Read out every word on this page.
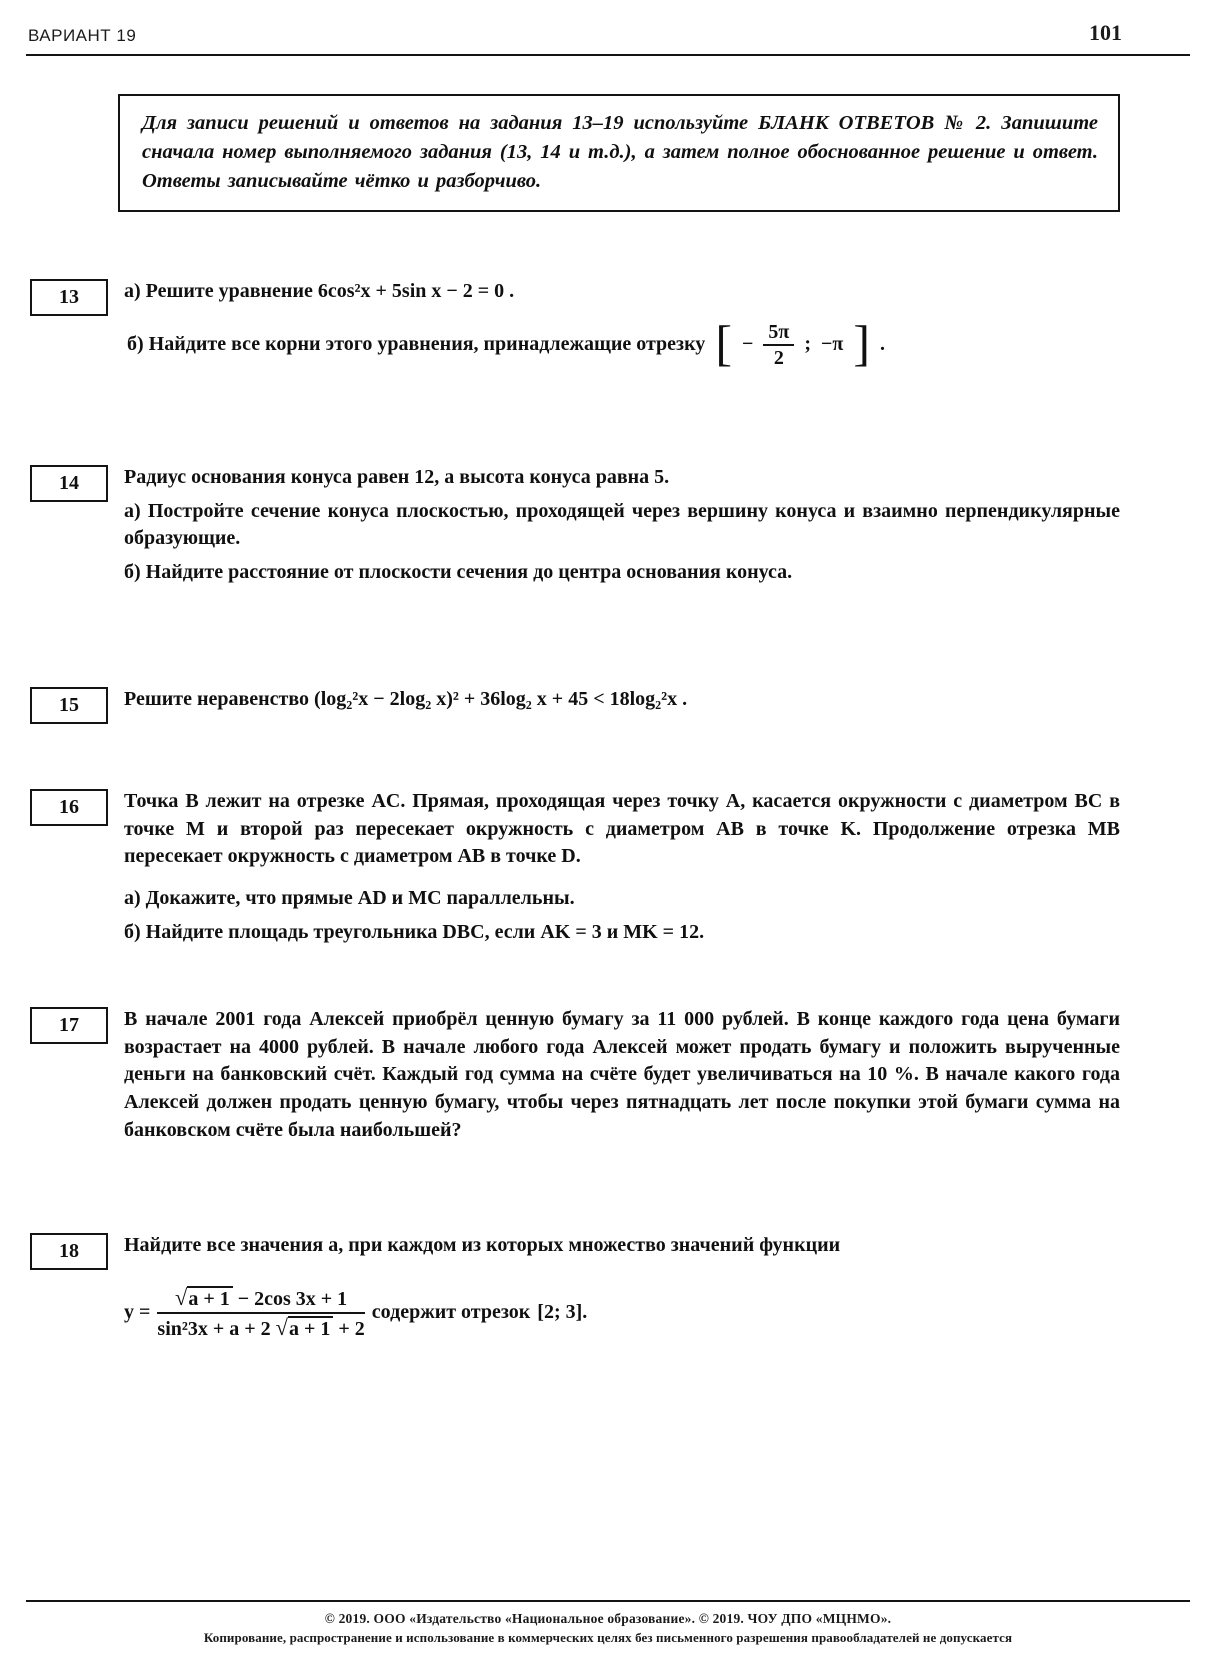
ВАРИАНТ 19	101

Для записи решений и ответов на задания 13–19 используйте БЛАНК ОТВЕТОВ № 2. Запишите сначала номер выполняемого задания (13, 14 и т.д.), а затем полное обоснованное решение и ответ. Ответы записывайте чётко и разборчиво.

13 а) Решите уравнение 6cos²x + 5sin x − 2 = 0 .

б) Найдите все корни этого уравнения, принадлежащие отрезку [ − $\frac{5\pi}{2}$ ; −π ] .

14 Радиус основания конуса равен 12, а высота конуса равна 5.

а) Постройте сечение конуса плоскостью, проходящей через вершину конуса и взаимно перпендикулярные образующие.

б) Найдите расстояние от плоскости сечения до центра основания конуса.

15 Решите неравенство (log₂²x − 2log₂ x)² + 36log₂ x + 45 < 18log₂²x .

16 Точка B лежит на отрезке AC. Прямая, проходящая через точку A, касается окружности с диаметром BC в точке M и второй раз пересекает окружность с диаметром AB в точке K. Продолжение отрезка MB пересекает окружность с диаметром AB в точке D.

а) Докажите, что прямые AD и MC параллельны.

б) Найдите площадь треугольника DBC, если AK = 3 и MK = 12.

17 В начале 2001 года Алексей приобрёл ценную бумагу за 11 000 рублей. В конце каждого года цена бумаги возрастает на 4000 рублей. В начале любого года Алексей может продать бумагу и положить вырученные деньги на банковский счёт. Каждый год сумма на счёте будет увеличиваться на 10 %. В начале какого года Алексей должен продать ценную бумагу, чтобы через пятнадцать лет после покупки этой бумаги сумма на банковском счёте была наибольшей?

18 Найдите все значения a, при каждом из которых множество значений функции

$y = \frac{√a + 1 - 2\cos 3x + 1}{\text{sin²3x + a + 2 √a + 1 + 2}}$ содержит отрезок [2; 3].

© 2019. ООО «Издательство «Национальное образование». © 2019. ЧОУ ДПО «МЦНМО».

Копирование, распространение и использование в коммерческих целях без письменного разрешения правообладателей не допускается
